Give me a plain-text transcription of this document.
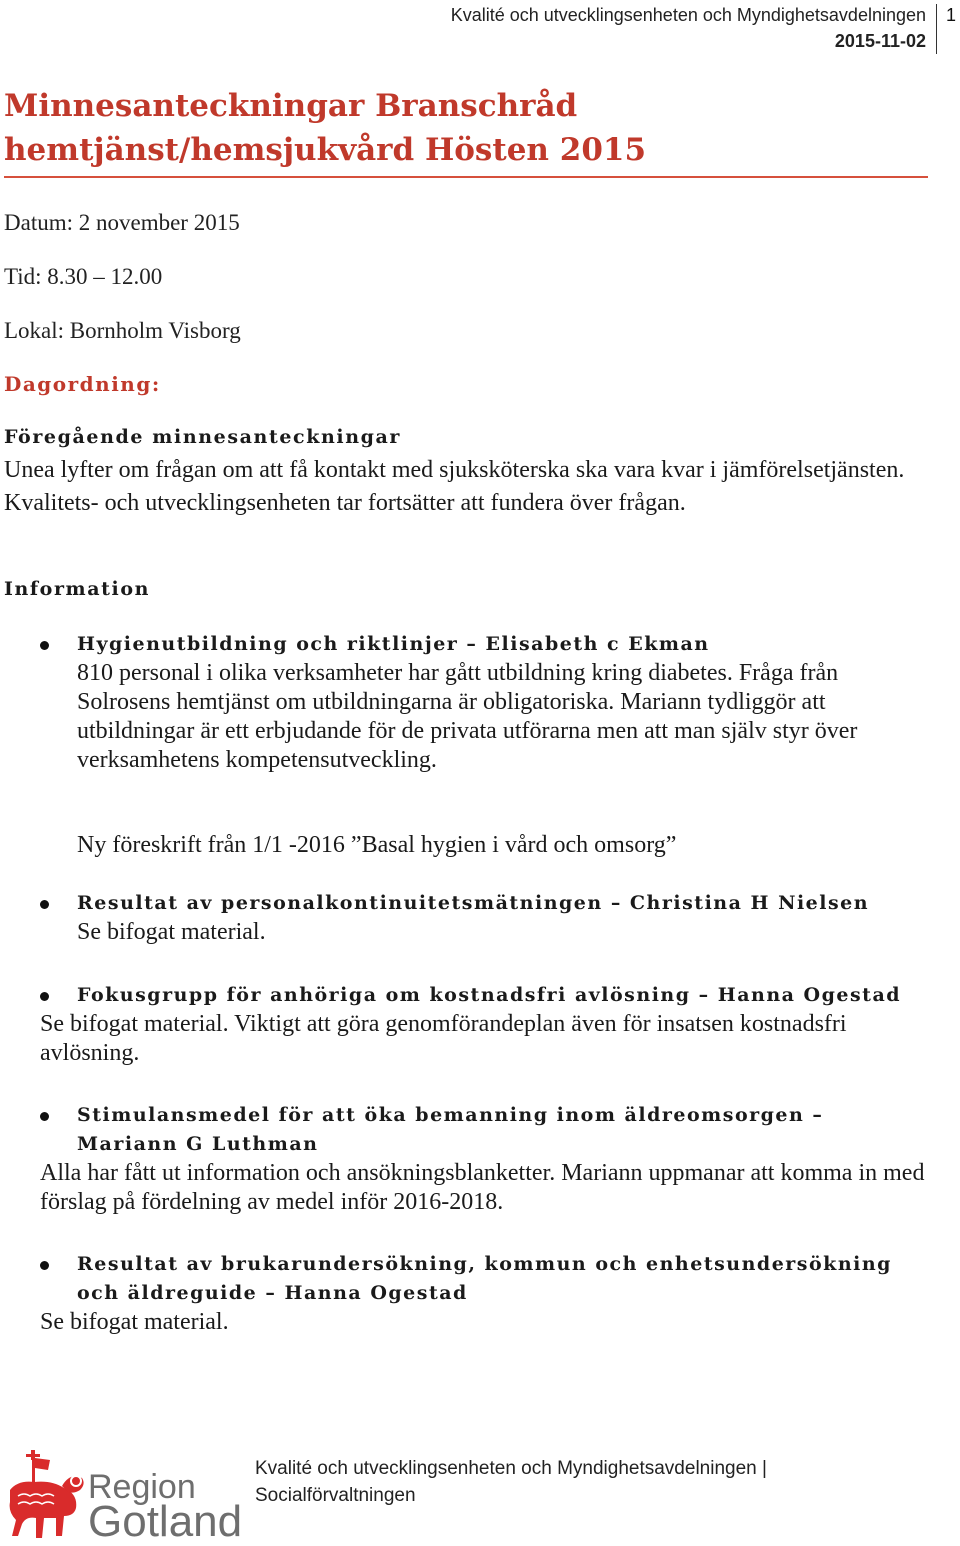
Kvalité och utvecklingsenheten och Myndighetsavdelningen
2015-11-02
1
Minnesanteckningar Branschråd
hemtjänst/hemsjukvård Hösten 2015
Datum: 2 november 2015
Tid: 8.30 – 12.00
Lokal: Bornholm Visborg
Dagordning:
Föregående minnesanteckningar

Unea lyfter om frågan om att få kontakt med sjuksköterska ska vara kvar i jämförelsetjänsten. Kvalitets- och utvecklingsenheten tar fortsätter att fundera över frågan.

Information
Hygienutbildning och riktlinjer – Elisabeth c Ekman
810 personal i olika verksamheter har gått utbildning kring diabetes. Fråga från Solrosens hemtjänst om utbildningarna är obligatoriska. Mariann tydliggör att utbildningar är ett erbjudande för de privata utförarna men att man själv styr över verksamhetens kompetensutveckling.
Ny föreskrift från 1/1 -2016 ”Basal hygien i vård och omsorg”
Resultat av personalkontinuitetsmätningen – Christina H Nielsen
Se bifogat material.
Fokusgrupp för anhöriga om kostnadsfri avlösning – Hanna Ogestad
Se bifogat material. Viktigt att göra genomförandeplan även för insatsen kostnadsfri avlösning.
Stimulansmedel för att öka bemanning inom äldreomsorgen – Mariann G Luthman
Alla har fått ut information och ansökningsblanketter. Mariann uppmanar att komma in med förslag på fördelning av medel inför 2016-2018.
Resultat av brukarundersökning, kommun och enhetsundersökning och äldreguide – Hanna Ogestad
Se bifogat material.
Region
Gotland
Kvalité och utvecklingsenheten och Myndighetsavdelningen |
Socialförvaltningen
